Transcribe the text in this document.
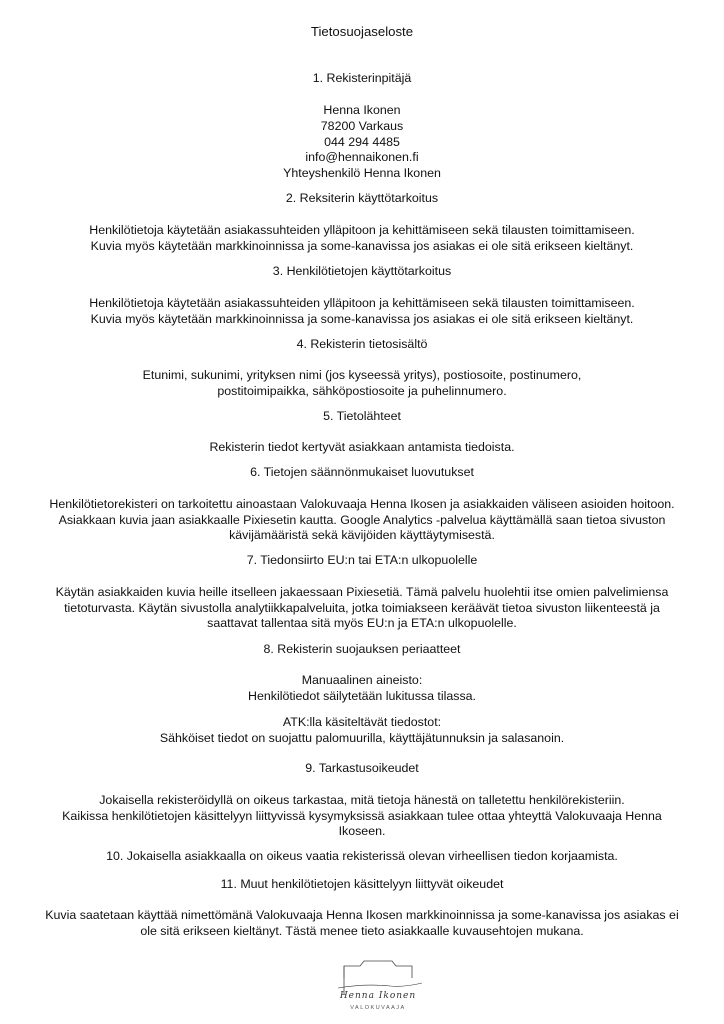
Tietosuojaseloste
1. Rekisterinpitäjä
Henna Ikonen
78200 Varkaus
044 294 4485
info@hennaikonen.fi
Yhteyshenkilö Henna Ikonen
2. Reksiterin käyttötarkoitus
Henkilötietoja käytetään asiakassuhteiden ylläpitoon ja kehittämiseen sekä tilausten toimittamiseen.
Kuvia myös käytetään markkinoinnissa ja some-kanavissa jos asiakas ei ole sitä erikseen kieltänyt.
3. Henkilötietojen käyttötarkoitus
Henkilötietoja käytetään asiakassuhteiden ylläpitoon ja kehittämiseen sekä tilausten toimittamiseen.
Kuvia myös käytetään markkinoinnissa ja some-kanavissa jos asiakas ei ole sitä erikseen kieltänyt.
4. Rekisterin tietosisältö
Etunimi, sukunimi, yrityksen nimi (jos kyseessä yritys), postiosoite, postinumero,
postitoimipaikka, sähköpostiosoite ja puhelinnumero.
5. Tietolähteet
Rekisterin tiedot kertyvät asiakkaan antamista tiedoista.
6. Tietojen säännönmukaiset luovutukset
Henkilötietorekisteri on tarkoitettu ainoastaan Valokuvaaja Henna Ikosen ja asiakkaiden väliseen asioiden hoitoon.
Asiakkaan kuvia jaan asiakkaalle Pixiesetin kautta. Google Analytics -palvelua käyttämällä saan tietoa sivuston
kävijämääristä sekä kävijöiden käyttäytymisestä.
7. Tiedonsiirto EU:n tai ETA:n ulkopuolelle
Käytän asiakkaiden kuvia heille itselleen jakaessaan Pixiesetiä. Tämä palvelu huolehtii itse omien palvelimiensa
tietoturvasta. Käytän sivustolla analytiikkapalveluita, jotka toimiakseen keräävät tietoa sivuston liikenteestä ja
saattavat tallentaa sitä myös EU:n ja ETA:n ulkopuolelle.
8. Rekisterin suojauksen periaatteet
Manuaalinen aineisto:
Henkilötiedot säilytetään lukitussa tilassa.
ATK:lla käsiteltävät tiedostot:
Sähköiset tiedot on suojattu palomuurilla, käyttäjätunnuksin ja salasanoin.
9. Tarkastusoikeudet
Jokaisella rekisteröidyllä on oikeus tarkastaa, mitä tietoja hänestä on talletettu henkilörekisteriin.
Kaikissa henkilötietojen käsittelyyn liittyvissä kysymyksissä asiakkaan tulee ottaa yhteyttä Valokuvaaja Henna
Ikoseen.
10. Jokaisella asiakkaalla on oikeus vaatia rekisterissä olevan virheellisen tiedon korjaamista.
11. Muut henkilötietojen käsittelyyn liittyvät oikeudet
Kuvia saatetaan käyttää nimettömänä Valokuvaaja Henna Ikosen markkinoinnissa ja some-kanavissa jos asiakas ei
ole sitä erikseen kieltänyt. Tästä menee tieto asiakkaalle kuvausehtojen mukana.
Henna Ikonen
VALOKUVAAJA
